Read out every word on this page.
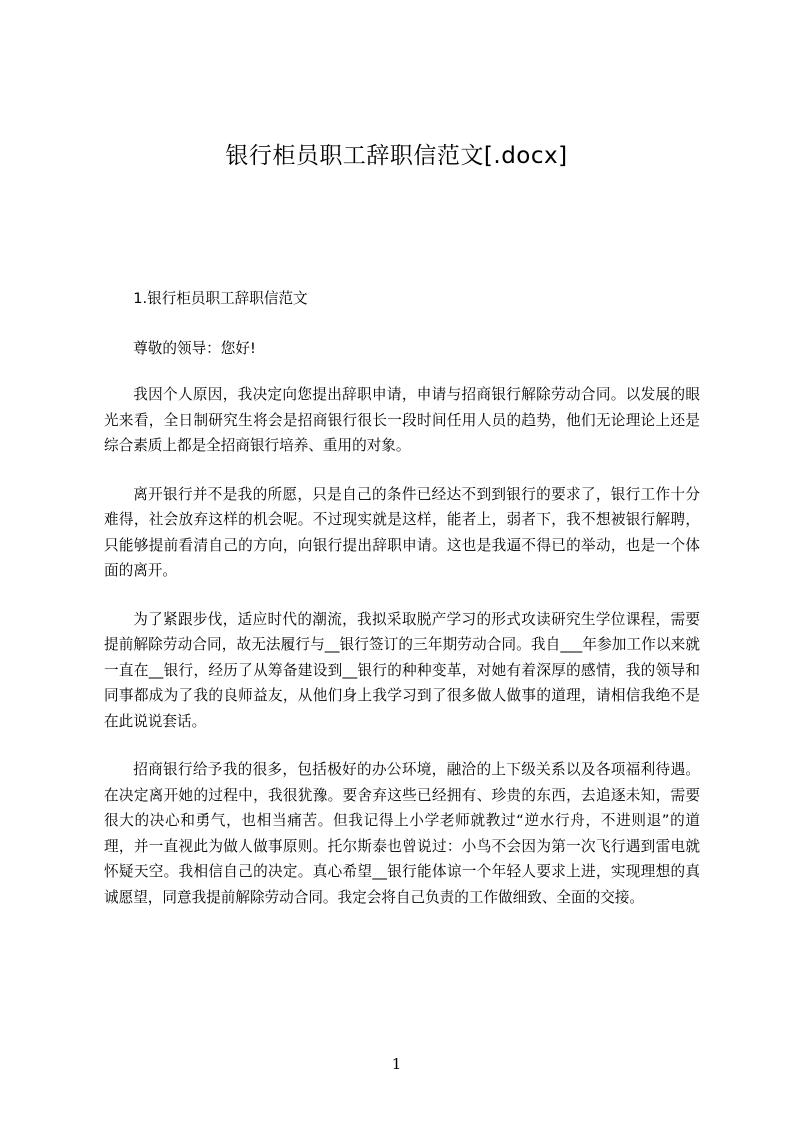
银行柜员职工辞职信范文[.docx]

1.银行柜员职工辞职信范文

尊敬的领导：您好!

我因个人原因，我决定向您提出辞职申请，申请与招商银行解除劳动合同。以发展的眼光来看，全日制研究生将会是招商银行很长一段时间任用人员的趋势，他们无论理论上还是综合素质上都是全招商银行培养、重用的对象。

离开银行并不是我的所愿，只是自己的条件已经达不到到银行的要求了，银行工作十分难得，社会放弃这样的机会呢。不过现实就是这样，能者上，弱者下，我不想被银行解聘，只能够提前看清自己的方向，向银行提出辞职申请。这也是我逼不得已的举动，也是一个体面的离开。

为了紧跟步伐，适应时代的潮流，我拟采取脱产学习的形式攻读研究生学位课程，需要提前解除劳动合同，故无法履行与__银行签订的三年期劳动合同。我自___年参加工作以来就一直在__银行，经历了从筹备建设到__银行的种种变革，对她有着深厚的感情，我的领导和同事都成为了我的良师益友，从他们身上我学习到了很多做人做事的道理，请相信我绝不是在此说说套话。

招商银行给予我的很多，包括极好的办公环境，融洽的上下级关系以及各项福利待遇。在决定离开她的过程中，我很犹豫。要舍弃这些已经拥有、珍贵的东西，去追逐未知，需要很大的决心和勇气，也相当痛苦。但我记得上小学老师就教过“逆水行舟，不进则退”的道理，并一直视此为做人做事原则。托尔斯泰也曾说过：小鸟不会因为第一次飞行遇到雷电就怀疑天空。我相信自己的决定。真心希望__银行能体谅一个年轻人要求上进，实现理想的真诚愿望，同意我提前解除劳动合同。我定会将自己负责的工作做细致、全面的交接。

1
